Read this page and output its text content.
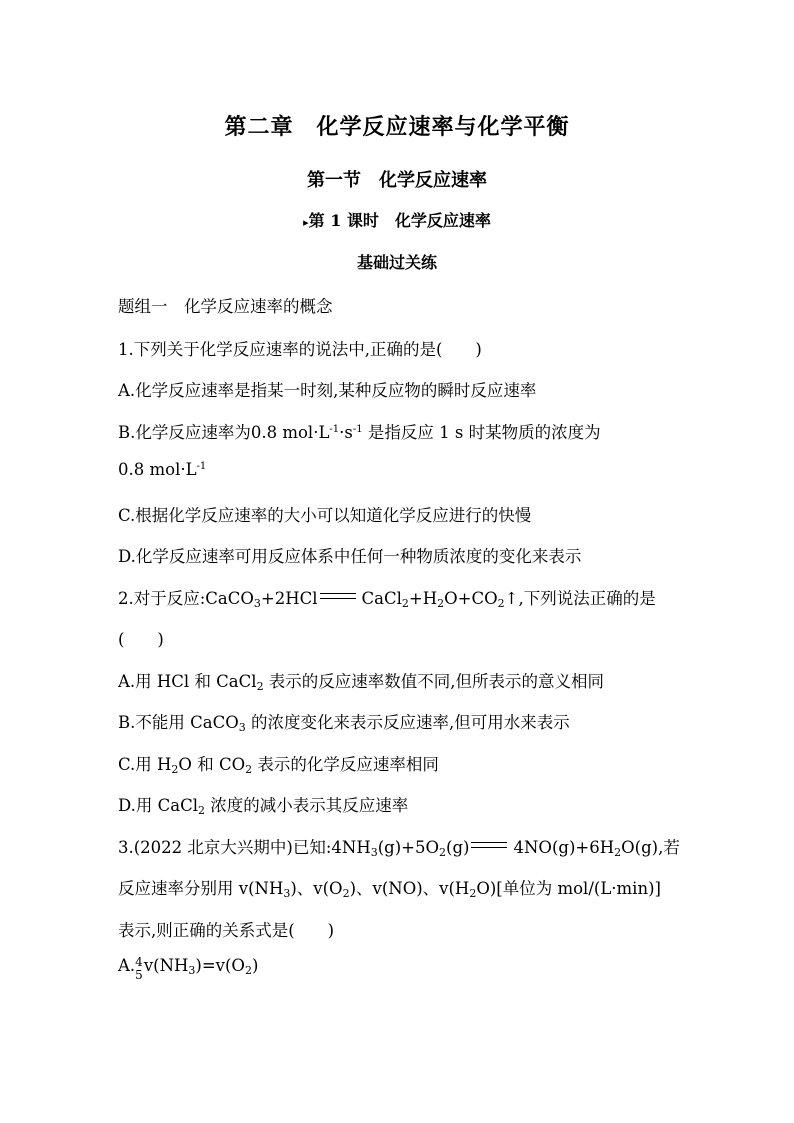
第二章　化学反应速率与化学平衡
第一节　化学反应速率
▸第 1 课时　化学反应速率
基础过关练
题组一　化学反应速率的概念
1.下列关于化学反应速率的说法中,正确的是(　　)
A.化学反应速率是指某一时刻,某种反应物的瞬时反应速率
B.化学反应速率为0.8 $mol\cdot L^{-1}\cdot s^{-1}$ 是指反应 1 s 时某物质的浓度为
0.8 $mol\cdot L^{-1}$
C.根据化学反应速率的大小可以知道化学反应进行的快慢
D.化学反应速率可用反应体系中任何一种物质浓度的变化来表示
2.对于反应:CaCO$_3$+2HCl	$CaCl_2+H_2O+CO_2↑$,下列说法正确的是
(　　)
A.用 HCl 和 CaCl$_2$ 表示的反应速率数值不同,但所表示的意义相同
B.不能用 CaCO$_3$ 的浓度变化来表示反应速率,但可用水来表示
C.用 $H_2O$ 和 $CO_2$ 表示的化学反应速率相同
D.用 CaCl$_2$ 浓度的减小表示其反应速率
3.(2022 北京大兴期中)已知$:4NH_3(g)+5O_2(g)$	$4NO(g)+6H_2O(g)$,若
反应速率分别用 $v(NH_3)$、$v(O_2)$、v(NO)、$v(H_2O)$[单位为 mol/(L·min)]
表示,则正确的关系式是(　　)
A. 4
5 $v(NH_3)=v(O_2)$
